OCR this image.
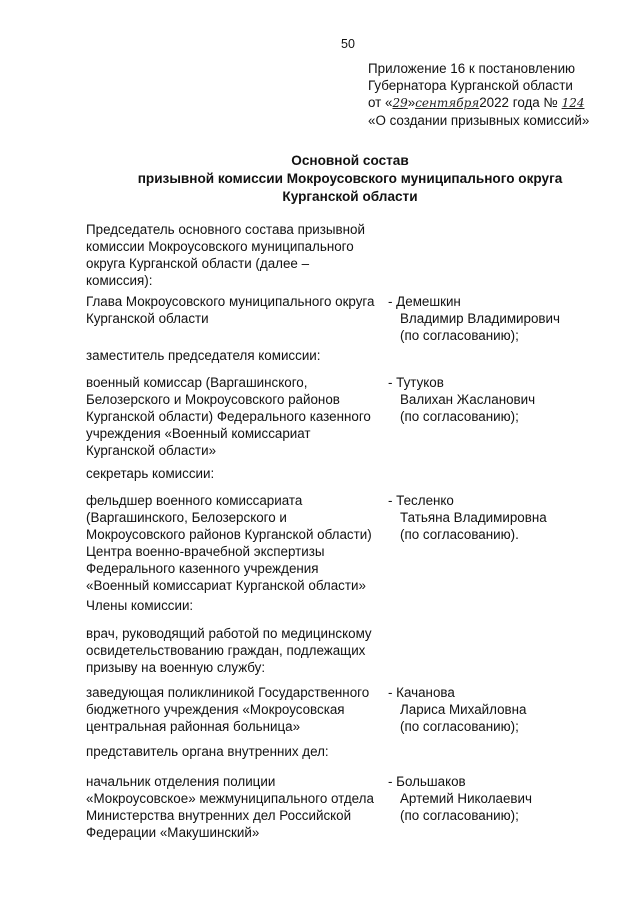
50
Приложение 16 к постановлению
Губернатора Курганской области
от «29»сентября2022 года № 124
«О создании призывных комиссий»
Основной состав
призывной комиссии Мокроусовского муниципального округа
Курганской области
Председатель основного состава призывной
комиссии Мокроусовского муниципального
округа Курганской области (далее –
комиссия):
Глава Мокроусовского муниципального округа
Курганской области
- Демешкин
Владимир Владимирович
(по согласованию);
заместитель председателя комиссии:
военный комиссар (Варгашинского,
Белозерского и Мокроусовского районов
Курганской области) Федерального казенного
учреждения «Военный комиссариат
Курганской области»
- Тутуков
Валихан Жасланович
(по согласованию);
секретарь комиссии:
фельдшер военного комиссариата
(Варгашинского, Белозерского и
Мокроусовского районов Курганской области)
Центра военно-врачебной экспертизы
Федерального казенного учреждения
«Военный комиссариат Курганской области»
- Тесленко
Татьяна Владимировна
(по согласованию).
Члены комиссии:
врач, руководящий работой по медицинскому
освидетельствованию граждан, подлежащих
призыву на военную службу:
заведующая поликлиникой Государственного
бюджетного учреждения «Мокроусовская
центральная районная больница»
- Качанова
Лариса Михайловна
(по согласованию);
представитель органа внутренних дел:
начальник отделения полиции
«Мокроусовское» межмуниципального отдела
Министерства внутренних дел Российской
Федерации «Макушинский»
- Большаков
Артемий Николаевич
(по согласованию);
